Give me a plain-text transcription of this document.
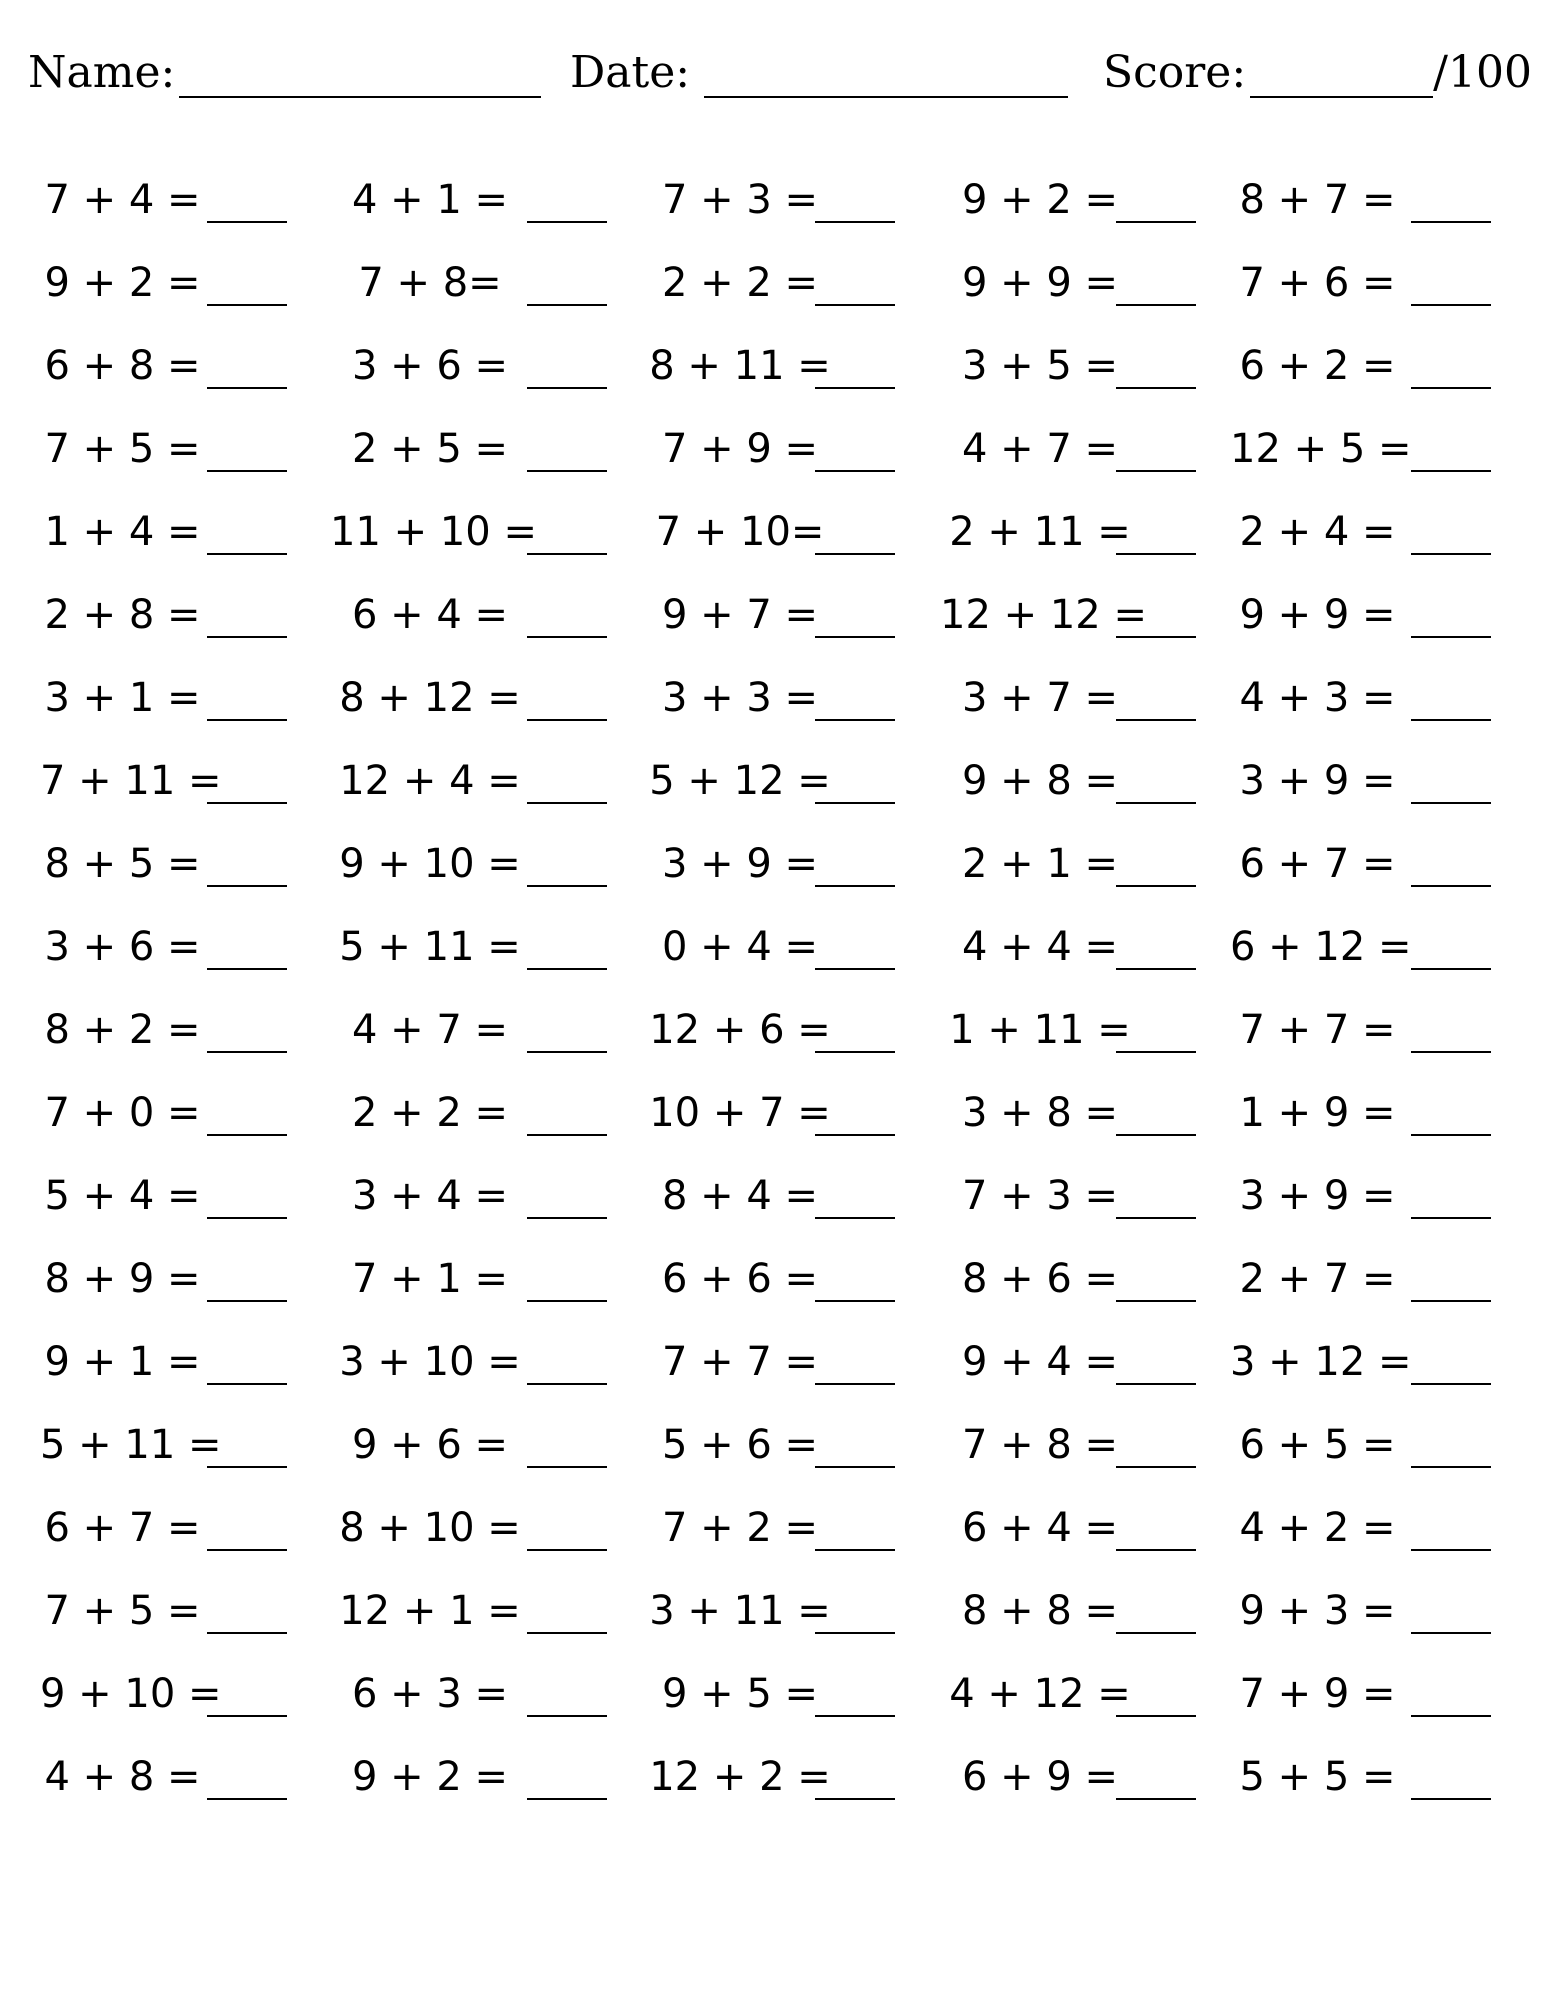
Name:	Date:	Score:	/100
7 + 4 =	4 + 1 =	7 + 3 =	9 + 2 =	8 + 7 =
9 + 2 =	7 + 8=	2 + 2 =	9 + 9 =	7 + 6 =
6 + 8 =	3 + 6 =	8 + 11 =	3 + 5 =	6 + 2 =
7 + 5 =	2 + 5 =	7 + 9 =	4 + 7 =	12 + 5 =
1 + 4 =	11 + 10 =	7 + 10=	2 + 11 =	2 + 4 =
2 + 8 =	6 + 4 =	9 + 7 =	12 + 12 = 9 + 9 =
3 + 1 =	8 + 12 =	3 + 3 =	3 + 7 =	4 + 3 =
7 + 11 =	12 + 4 =	5 + 12 =	9 + 8 =	3 + 9 =
8 + 5 =	9 + 10 =	3 + 9 =	2 + 1 =	6 + 7 =
3 + 6 =	5 + 11 =	0 + 4 =	4 + 4 =	6 + 12 =
8 + 2 =	4 + 7 =	12 + 6 =	1 + 11 =	7 + 7 =
7 + 0 =	2 + 2 =	10 + 7 =	3 + 8 =	1 + 9 =
5 + 4 =	3 + 4 =	8 + 4 =	7 + 3 =	3 + 9 =
8 + 9 =	7 + 1 =	6 + 6 =	8 + 6 =	2 + 7 =
9 + 1 =	3 + 10 =	7 + 7 =	9 + 4 =	3 + 12 =
5 + 11 =	9 + 6 =	5 + 6 =	7 + 8 =	6 + 5 =
6 + 7 =	8 + 10 =	7 + 2 =	6 + 4 =	4 + 2 =
7 + 5 =	12 + 1 =	3 + 11 =	8 + 8 =	9 + 3 =
9 + 10 =	6 + 3 =	9 + 5 =	4 + 12 =	7 + 9 =
4 + 8 =	9 + 2 =	12 + 2 =	6 + 9 =	5 + 5 =
